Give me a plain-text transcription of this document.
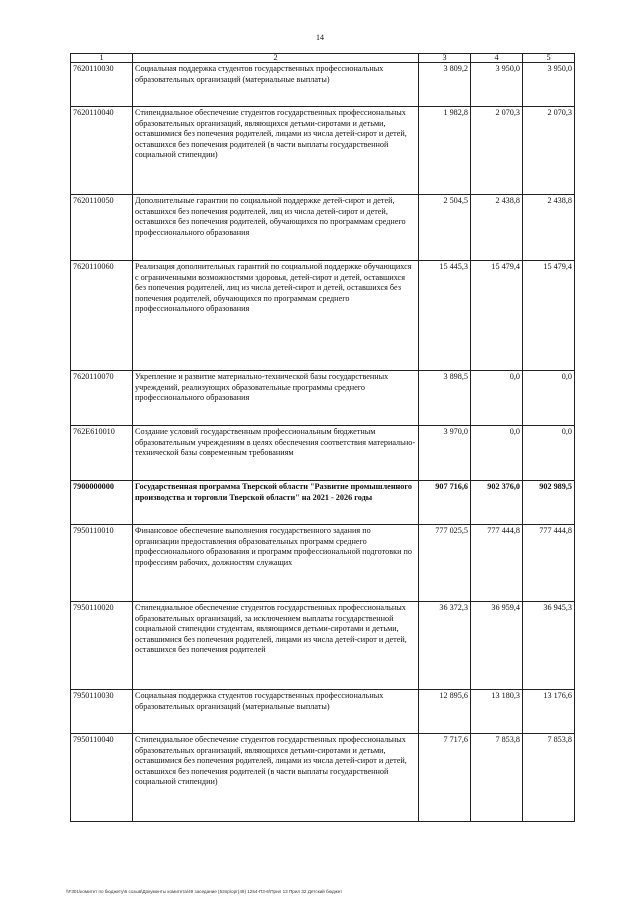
14
1	2	3	4	5
7620110030	Социальная поддержка студентов государственных профессиональных образовательных организаций (материальные выплаты)	3 809,2	3 950,0	3 950,0
7620110040	Стипендиальное обеспечение студентов государственных профессиональных образовательных организаций, являющихся детьми-сиротами и детьми, оставшимися без попечения родителей, лицами из числа детей-сирот и детей, оставшихся без попечения родителей (в части выплаты государственной социальной стипендии)	1 982,8	2 070,3	2 070,3
7620110050	Дополнительные гарантии по социальной поддержке детей-сирот и детей, оставшихся без попечения родителей, лиц из числа детей-сирот и детей, оставшихся без попечения родителей, обучающихся по программам среднего профессионального образования	2 504,5	2 438,8	2 438,8
7620110060	Реализация дополнительных гарантий по социальной поддержке обучающихся с ограниченными возможностями здоровья, детей-сирот и детей, оставшихся без попечения родителей, лиц из числа детей-сирот и детей, оставшихся без попечения родителей, обучающихся по программам среднего профессионального образования	15 445,3	15 479,4	15 479,4
7620110070	Укрепление и развитие материально-технической базы государственных учреждений, реализующих образовательные программы среднего профессионального образования	3 898,5	0,0	0,0
762E610010	Создание условий государственным профессиональным бюджетным образовательным учреждениям в целях обеспечения соответствия материально-технической базы современным требованиям	3 970,0	0,0	0,0
7900000000	Государственная программа Тверской области "Развитие промышленного производства и торговли Тверской области" на 2021 - 2026 годы	907 716,6	902 376,0	902 989,5
7950110010	Финансовое обеспечение выполнения государственного задания по организации предоставления образовательных программ среднего профессионального образования и программ профессиональной подготовки по профессиям рабочих, должностям служащих	777 025,5	777 444,8	777 444,8
7950110020	Стипендиальное обеспечение студентов государственных профессиональных образовательных организаций, за исключением выплаты государственной социальной стипендии студентам, являющимся детьми-сиротами и детьми, оставшимися без попечения родителей, лицами из числа детей-сирот и детей, оставшихся без попечения родителей	36 372,3	36 959,4	36 945,3
7950110030	Социальная поддержка студентов государственных профессиональных образовательных организаций (материальные выплаты)	12 895,6	13 180,3	13 176,6
7950110040	Стипендиальное обеспечение студентов государственных профессиональных образовательных организаций, являющихся детьми-сиротами и детьми, оставшимися без попечения родителей, лицами из числа детей-сирот и детей, оставшихся без попечения родителей (в части выплаты государственной социальной стипендии)	7 717,6	7 853,8	7 853,8
\\F301\комитет по бюджету\6 созыв\Документы комитета\49 заседание (53пр\орг(49) 1254-П3-6\Прил 13 Прил 32 Детский бюджет
